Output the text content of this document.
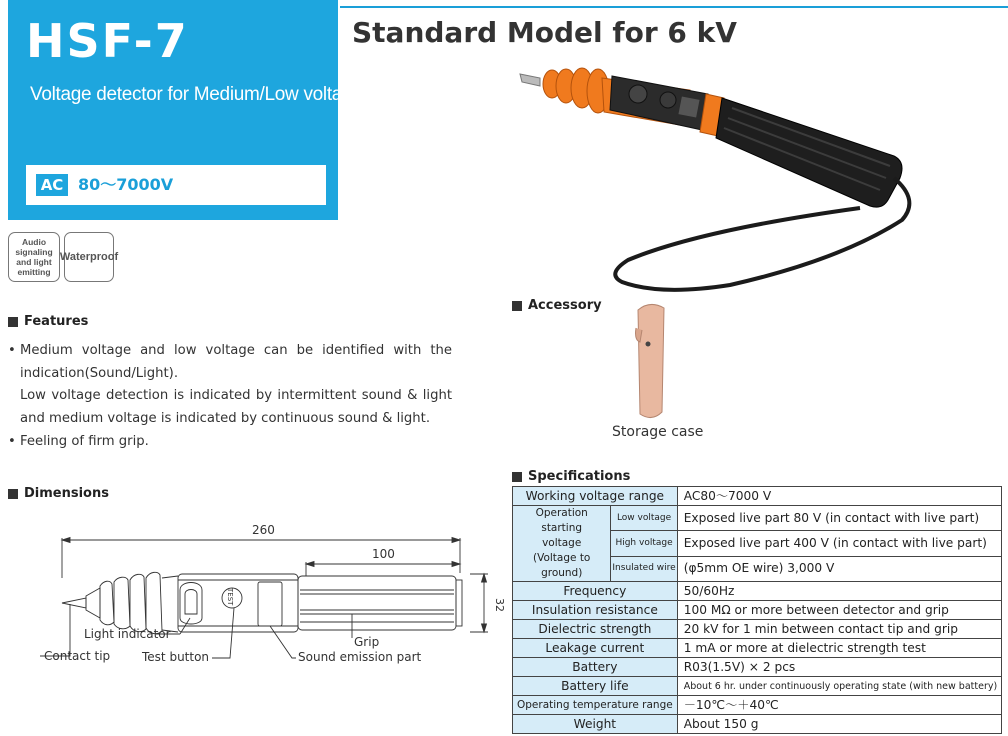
HSF-7
Voltage detector for Medium/Low voltage
AC 80～7000V
Standard Model for 6 kV
Audio signaling and light emitting
Waterproof
Features

• Medium voltage and low voltage can be identified with the indication(Sound/Light).

Low voltage detection is indicated by intermittent sound & light and medium voltage is indicated by continuous sound & light.

• Feeling of firm grip.

Dimensions
TEST
260
100
32
Light indicator
Contact tip	Test button	Sound emission part
Grip
Accessory
Storage case
Specifications
Working voltage range		AC80～7000 V

Operation starting
voltage
(Voltage to ground)	Low voltage	Exposed live part 80 V (in contact with live part)
	High voltage	Exposed live part 400 V (in contact with live part)
	Insulated wire	(φ5mm OE wire) 3,000 V
Frequency		50/60Hz
Insulation resistance		100 MΩ or more between detector and grip
Dielectric strength		20 kV for 1 min between contact tip and grip
Leakage current		1 mA or more at dielectric strength test
Battery		R03(1.5V) × 2 pcs
Battery life		About 6 hr. under continuously operating state (with new battery)
Operating temperature range		－10℃～＋40℃
Weight		About 150 g
